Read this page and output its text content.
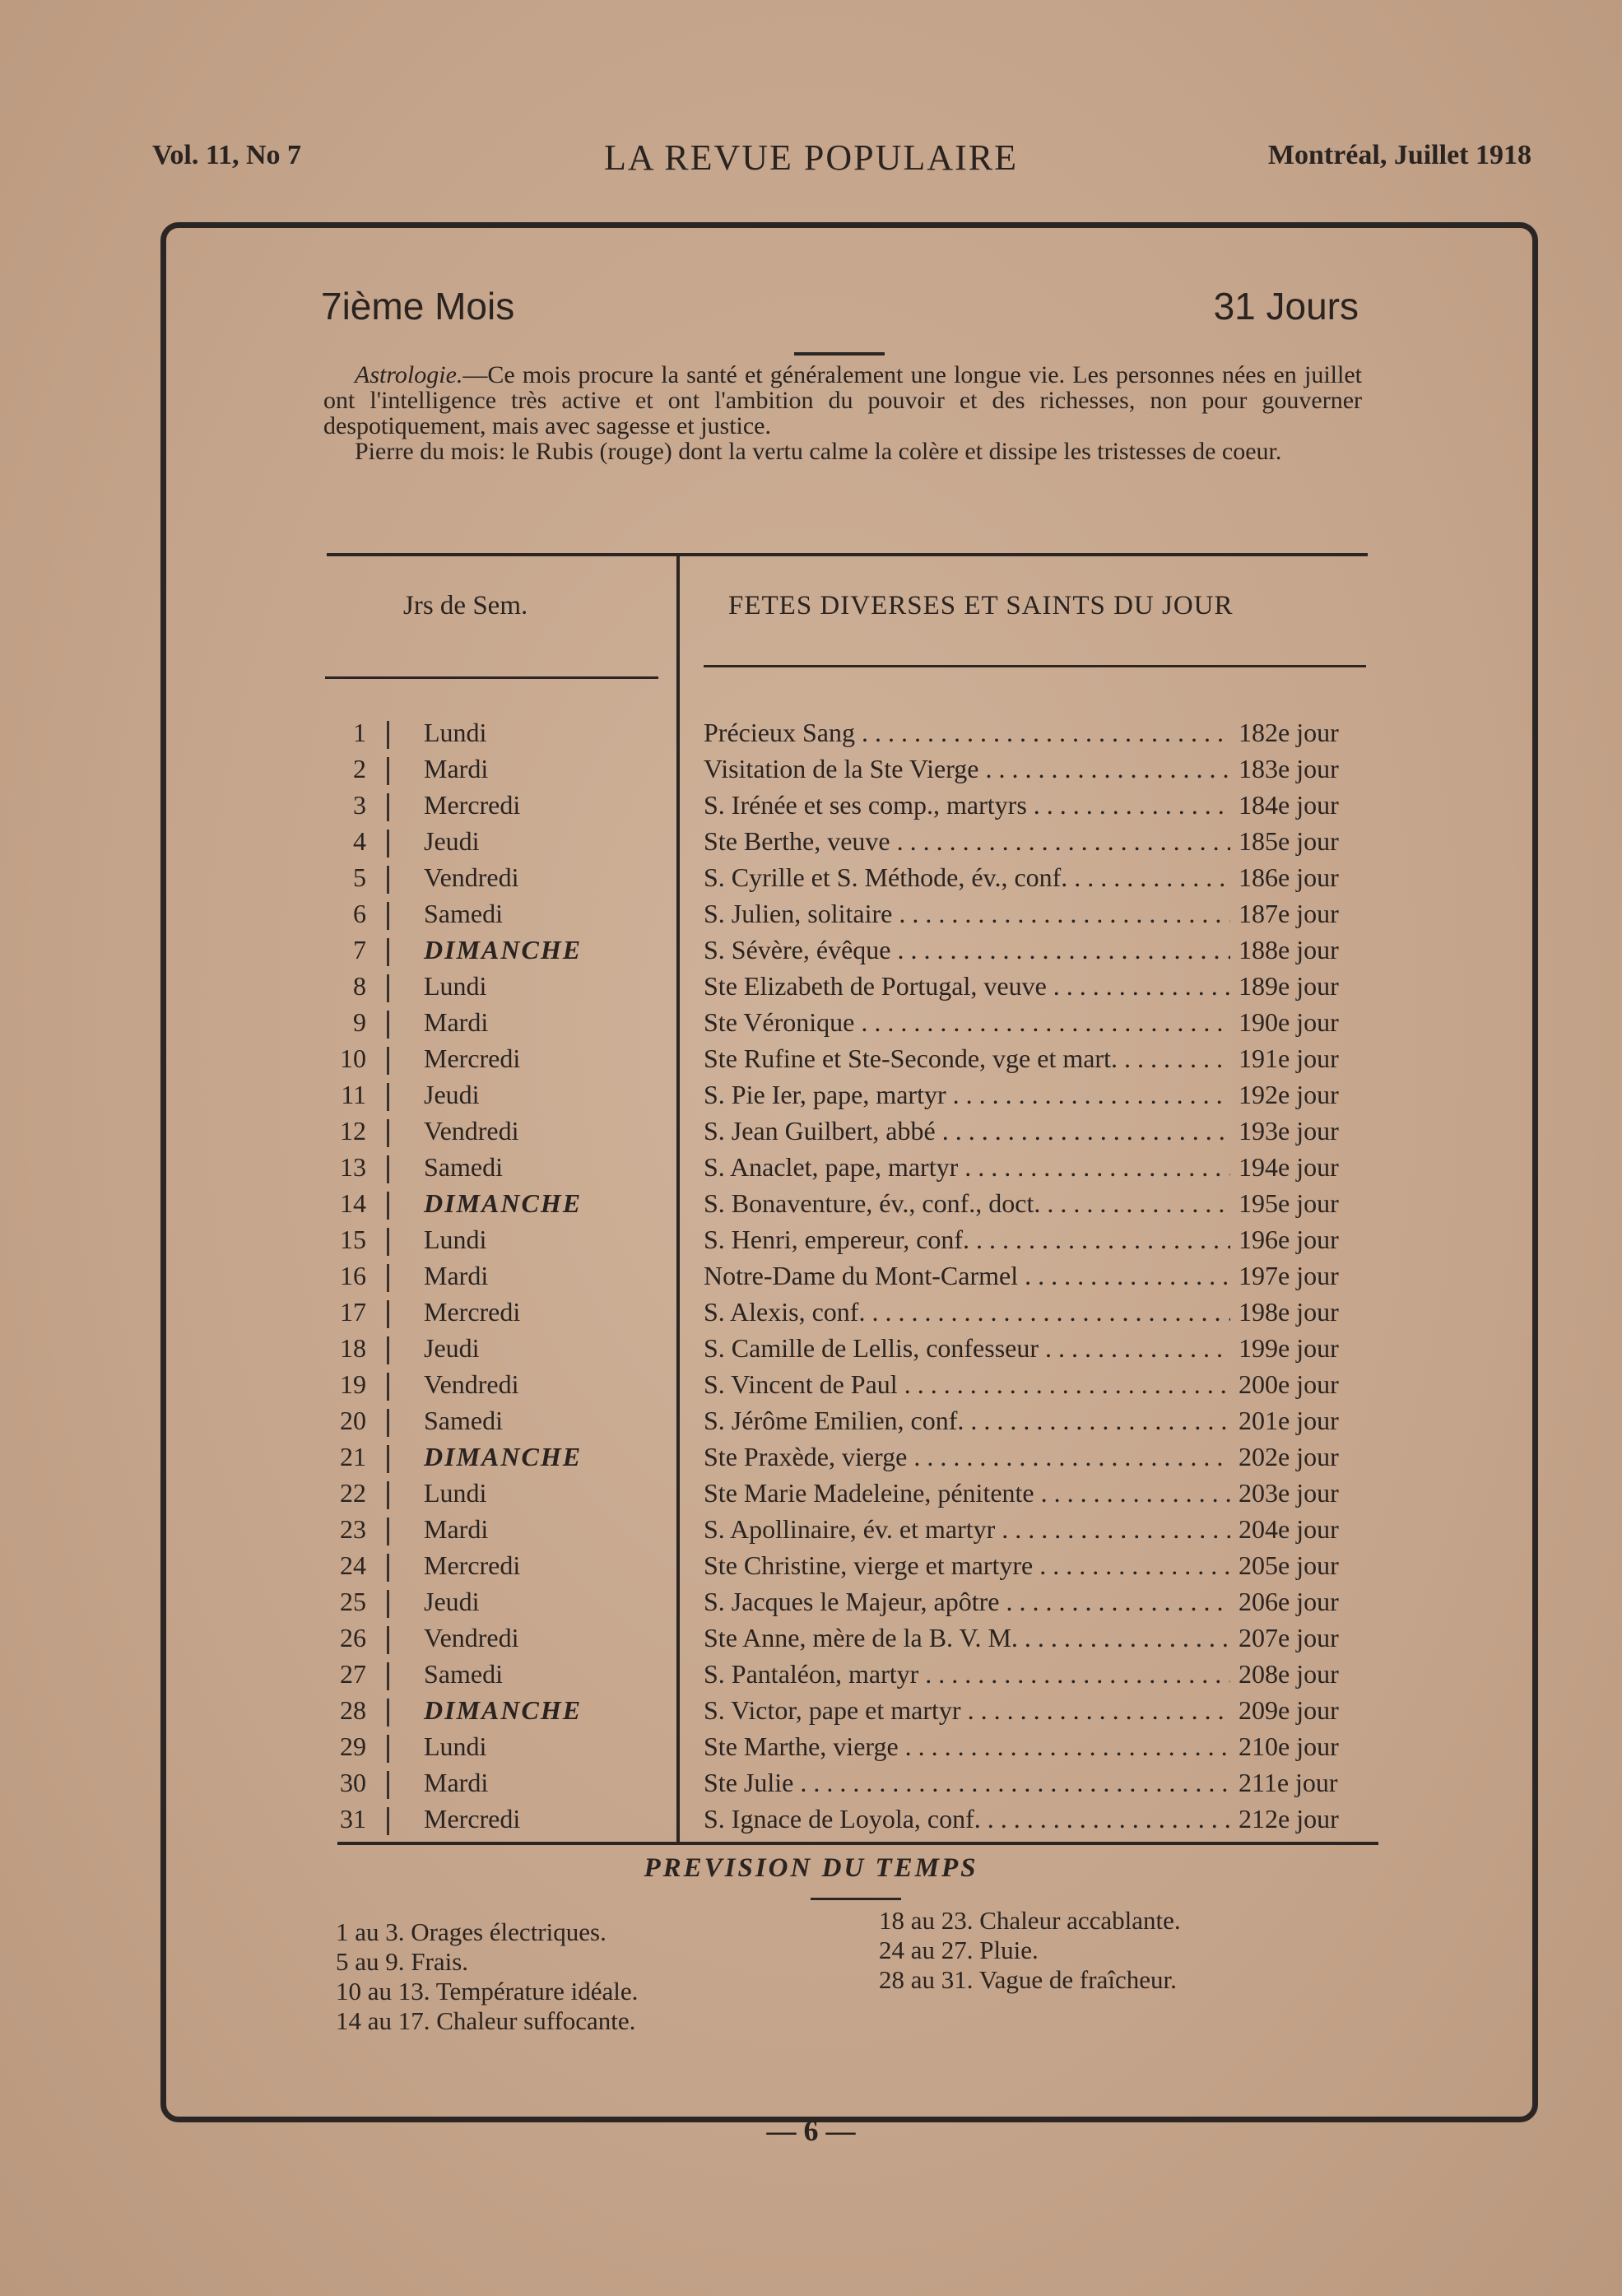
Vol. 11, No 7	LA REVUE POPULAIRE	Montréal, Juillet 1918
7ième Mois	31 Jours

Astrologie.—Ce mois procure la santé et généralement une longue vie. Les personnes nées en juillet ont l'intelligence très active et ont l'ambition du pouvoir et des richesses, non pour gouverner despotiquement, mais avec sagesse et justice.

Pierre du mois: le Rubis (rouge) dont la vertu calme la colère et dissipe les tristesses de coeur.

Jrs de Sem.	FETES DIVERSES ET SAINTS DU JOUR
1 Lundi	Précieux Sang . . .	182e jour
2 Mardi	Visitation de la Ste Vierge . . .	183e jour
3 Mercredi	S. Irénée et ses comp., martyrs . . .	184e jour
4 Jeudi	Ste Berthe, veuve . . .	185e jour
5 Vendredi	S. Cyrille et S. Méthode, év., conf. . . .	186e jour
6 Samedi	S. Julien, solitaire . . .	187e jour
7 DIMANCHE	S. Sévère, évêque . . .	188e jour
8 Lundi	Ste Elizabeth de Portugal, veuve . . .	189e jour
9 Mardi	Ste Véronique . . .	190e jour
10 Mercredi	Ste Rufine et Ste-Seconde, vge et mart. . . .	191e jour
11 Jeudi	S. Pie Ier, pape, martyr . . .	192e jour
12 Vendredi	S. Jean Guilbert, abbé . . .	193e jour
13 Samedi	S. Anaclet, pape, martyr . . .	194e jour
14 DIMANCHE	S. Bonaventure, év., conf., doct. . . .	195e jour
15 Lundi	S. Henri, empereur, conf. . . .	196e jour
16 Mardi	Notre-Dame du Mont-Carmel . . .	197e jour
17 Mercredi	S. Alexis, conf. . . .	198e jour
18 Jeudi	S. Camille de Lellis, confesseur . . .	199e jour
19 Vendredi	S. Vincent de Paul . . .	200e jour
20 Samedi	S. Jérôme Emilien, conf. . . .	201e jour
21 DIMANCHE	Ste Praxède, vierge . . .	202e jour
22 Lundi	Ste Marie Madeleine, pénitente . . .	203e jour
23 Mardi	S. Apollinaire, év. et martyr . . .	204e jour
24 Mercredi	Ste Christine, vierge et martyre . . .	205e jour
25 Jeudi	S. Jacques le Majeur, apôtre . . .	206e jour
26 Vendredi	Ste Anne, mère de la B. V. M. . . .	207e jour
27 Samedi	S. Pantaléon, martyr . . .	208e jour
28 DIMANCHE	S. Victor, pape et martyr . . .	209e jour
29 Lundi	Ste Marthe, vierge . . .	210e jour
30 Mardi	Ste Julie . . .	211e jour
31 Mercredi	S. Ignace de Loyola, conf. . . .	212e jour
PREVISION DU TEMPS
1 au 3. Orages électriques.
5 au 9. Frais.
10 au 13. Température idéale.
14 au 17. Chaleur suffocante.
18 au 23. Chaleur accablante.
24 au 27. Pluie.
28 au 31. Vague de fraîcheur.
— 6 —
